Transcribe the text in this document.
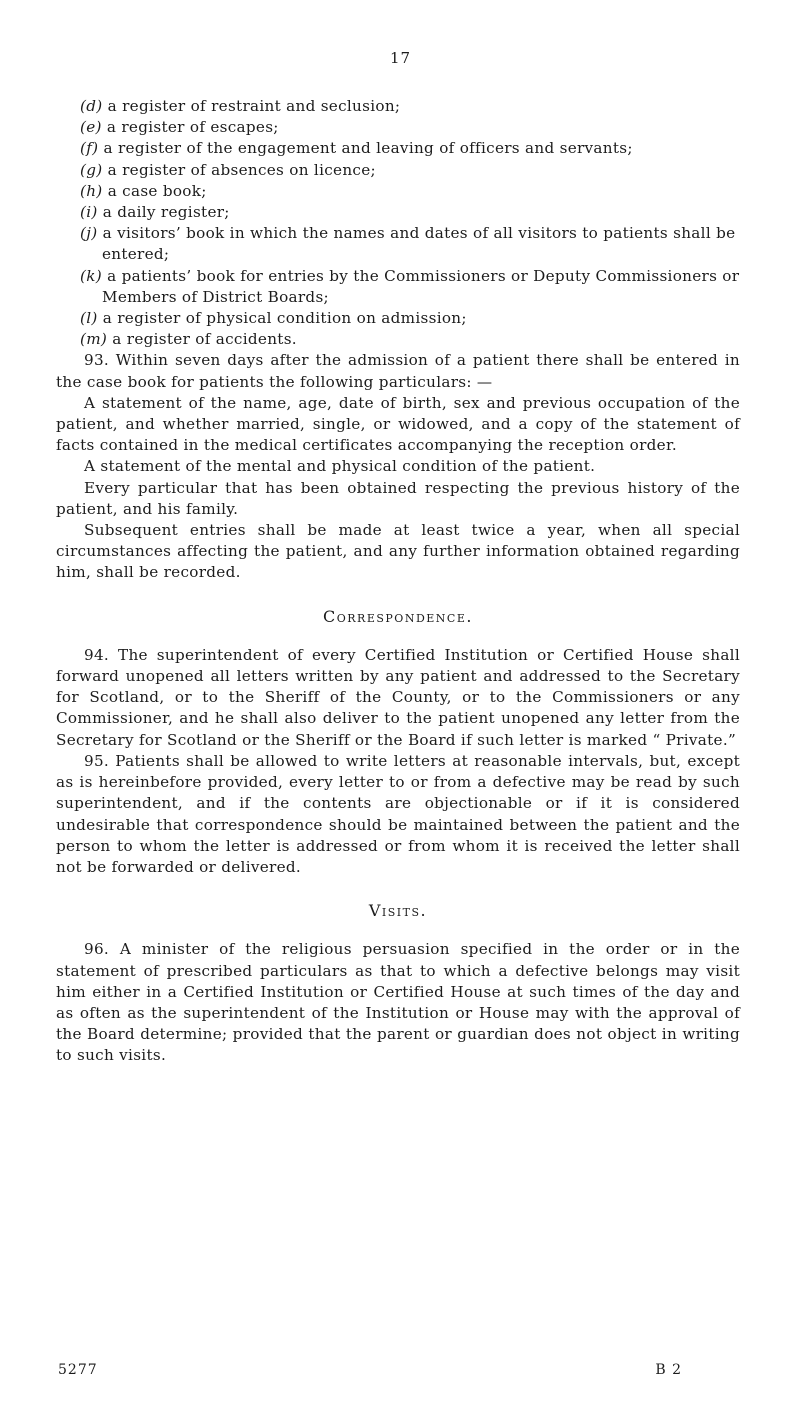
17

(d) a register of restraint and seclusion;

(e) a register of escapes;

(f) a register of the engagement and leaving of officers and servants;

(g) a register of absences on licence;

(h) a case book;

(i) a daily register;

(j) a visitors’ book in which the names and dates of all visitors to patients shall be entered;

(k) a patients’ book for entries by the Commissioners or Deputy Commissioners or Members of District Boards;

(l) a register of physical condition on admission;

(m) a register of accidents.

93. Within seven days after the admission of a patient there shall be entered in the case book for patients the following particulars: —

A statement of the name, age, date of birth, sex and previous occupation of the patient, and whether married, single, or widowed, and a copy of the statement of facts contained in the medical certificates accompanying the reception order.

A statement of the mental and physical condition of the patient.

Every particular that has been obtained respecting the previous history of the patient, and his family.

Subsequent entries shall be made at least twice a year, when all special circumstances affecting the patient, and any further information obtained regarding him, shall be recorded.

Correspondence.

94. The superintendent of every Certified Institution or Certified House shall forward unopened all letters written by any patient and addressed to the Secretary for Scotland, or to the Sheriff of the County, or to the Commissioners or any Commissioner, and he shall also deliver to the patient unopened any letter from the Secretary for Scotland or the Sheriff or the Board if such letter is marked “ Private.”

95. Patients shall be allowed to write letters at reasonable intervals, but, except as is hereinbefore provided, every letter to or from a defective may be read by such superintendent, and if the contents are objectionable or if it is considered undesirable that correspondence should be maintained between the patient and the person to whom the letter is addressed or from whom it is received the letter shall not be forwarded or delivered.

Visits.

96. A minister of the religious persuasion specified in the order or in the statement of prescribed particulars as that to which a defective belongs may visit him either in a Certified Institution or Certified House at such times of the day and as often as the superintendent of the Institution or House may with the approval of the Board determine; provided that the parent or guardian does not object in writing to such visits.

5277	B 2
